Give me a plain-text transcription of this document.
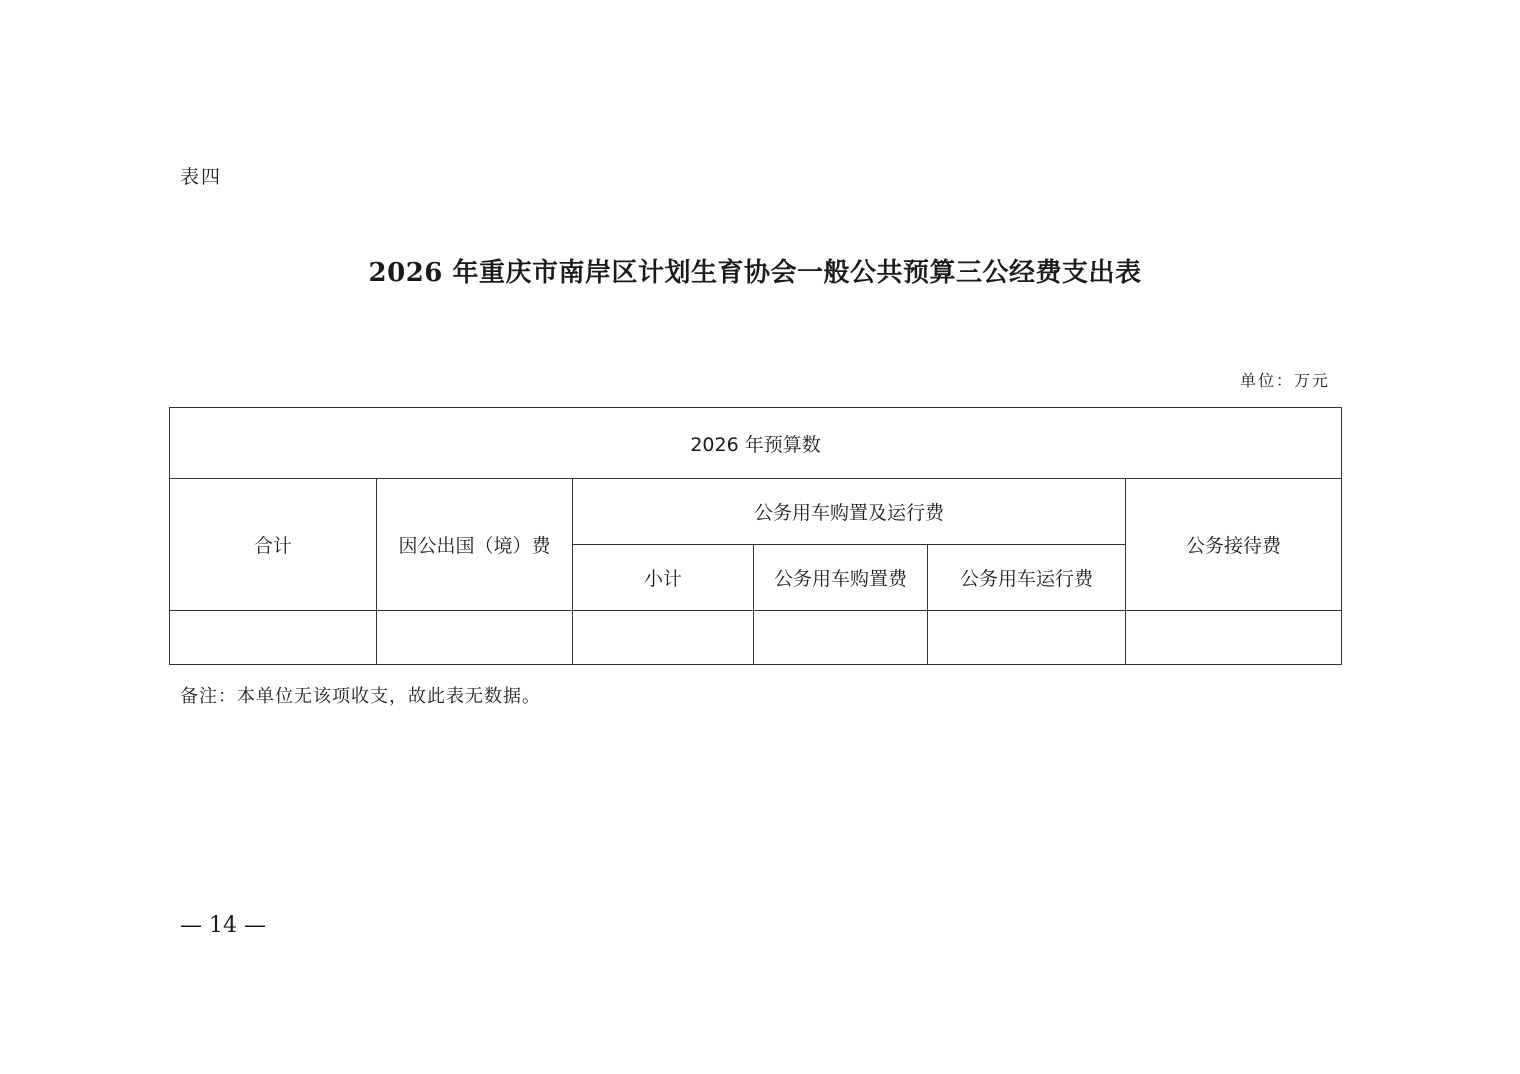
表四
2026 年重庆市南岸区计划生育协会一般公共预算三公经费支出表
单位：万元
2026 年预算数					
合计	因公出国（境）费	公务用车购置及运行费			公务接待费
		小计	公务用车购置费	公务用车运行费	

备注：本单位无该项收支，故此表无数据。
— 14 —
